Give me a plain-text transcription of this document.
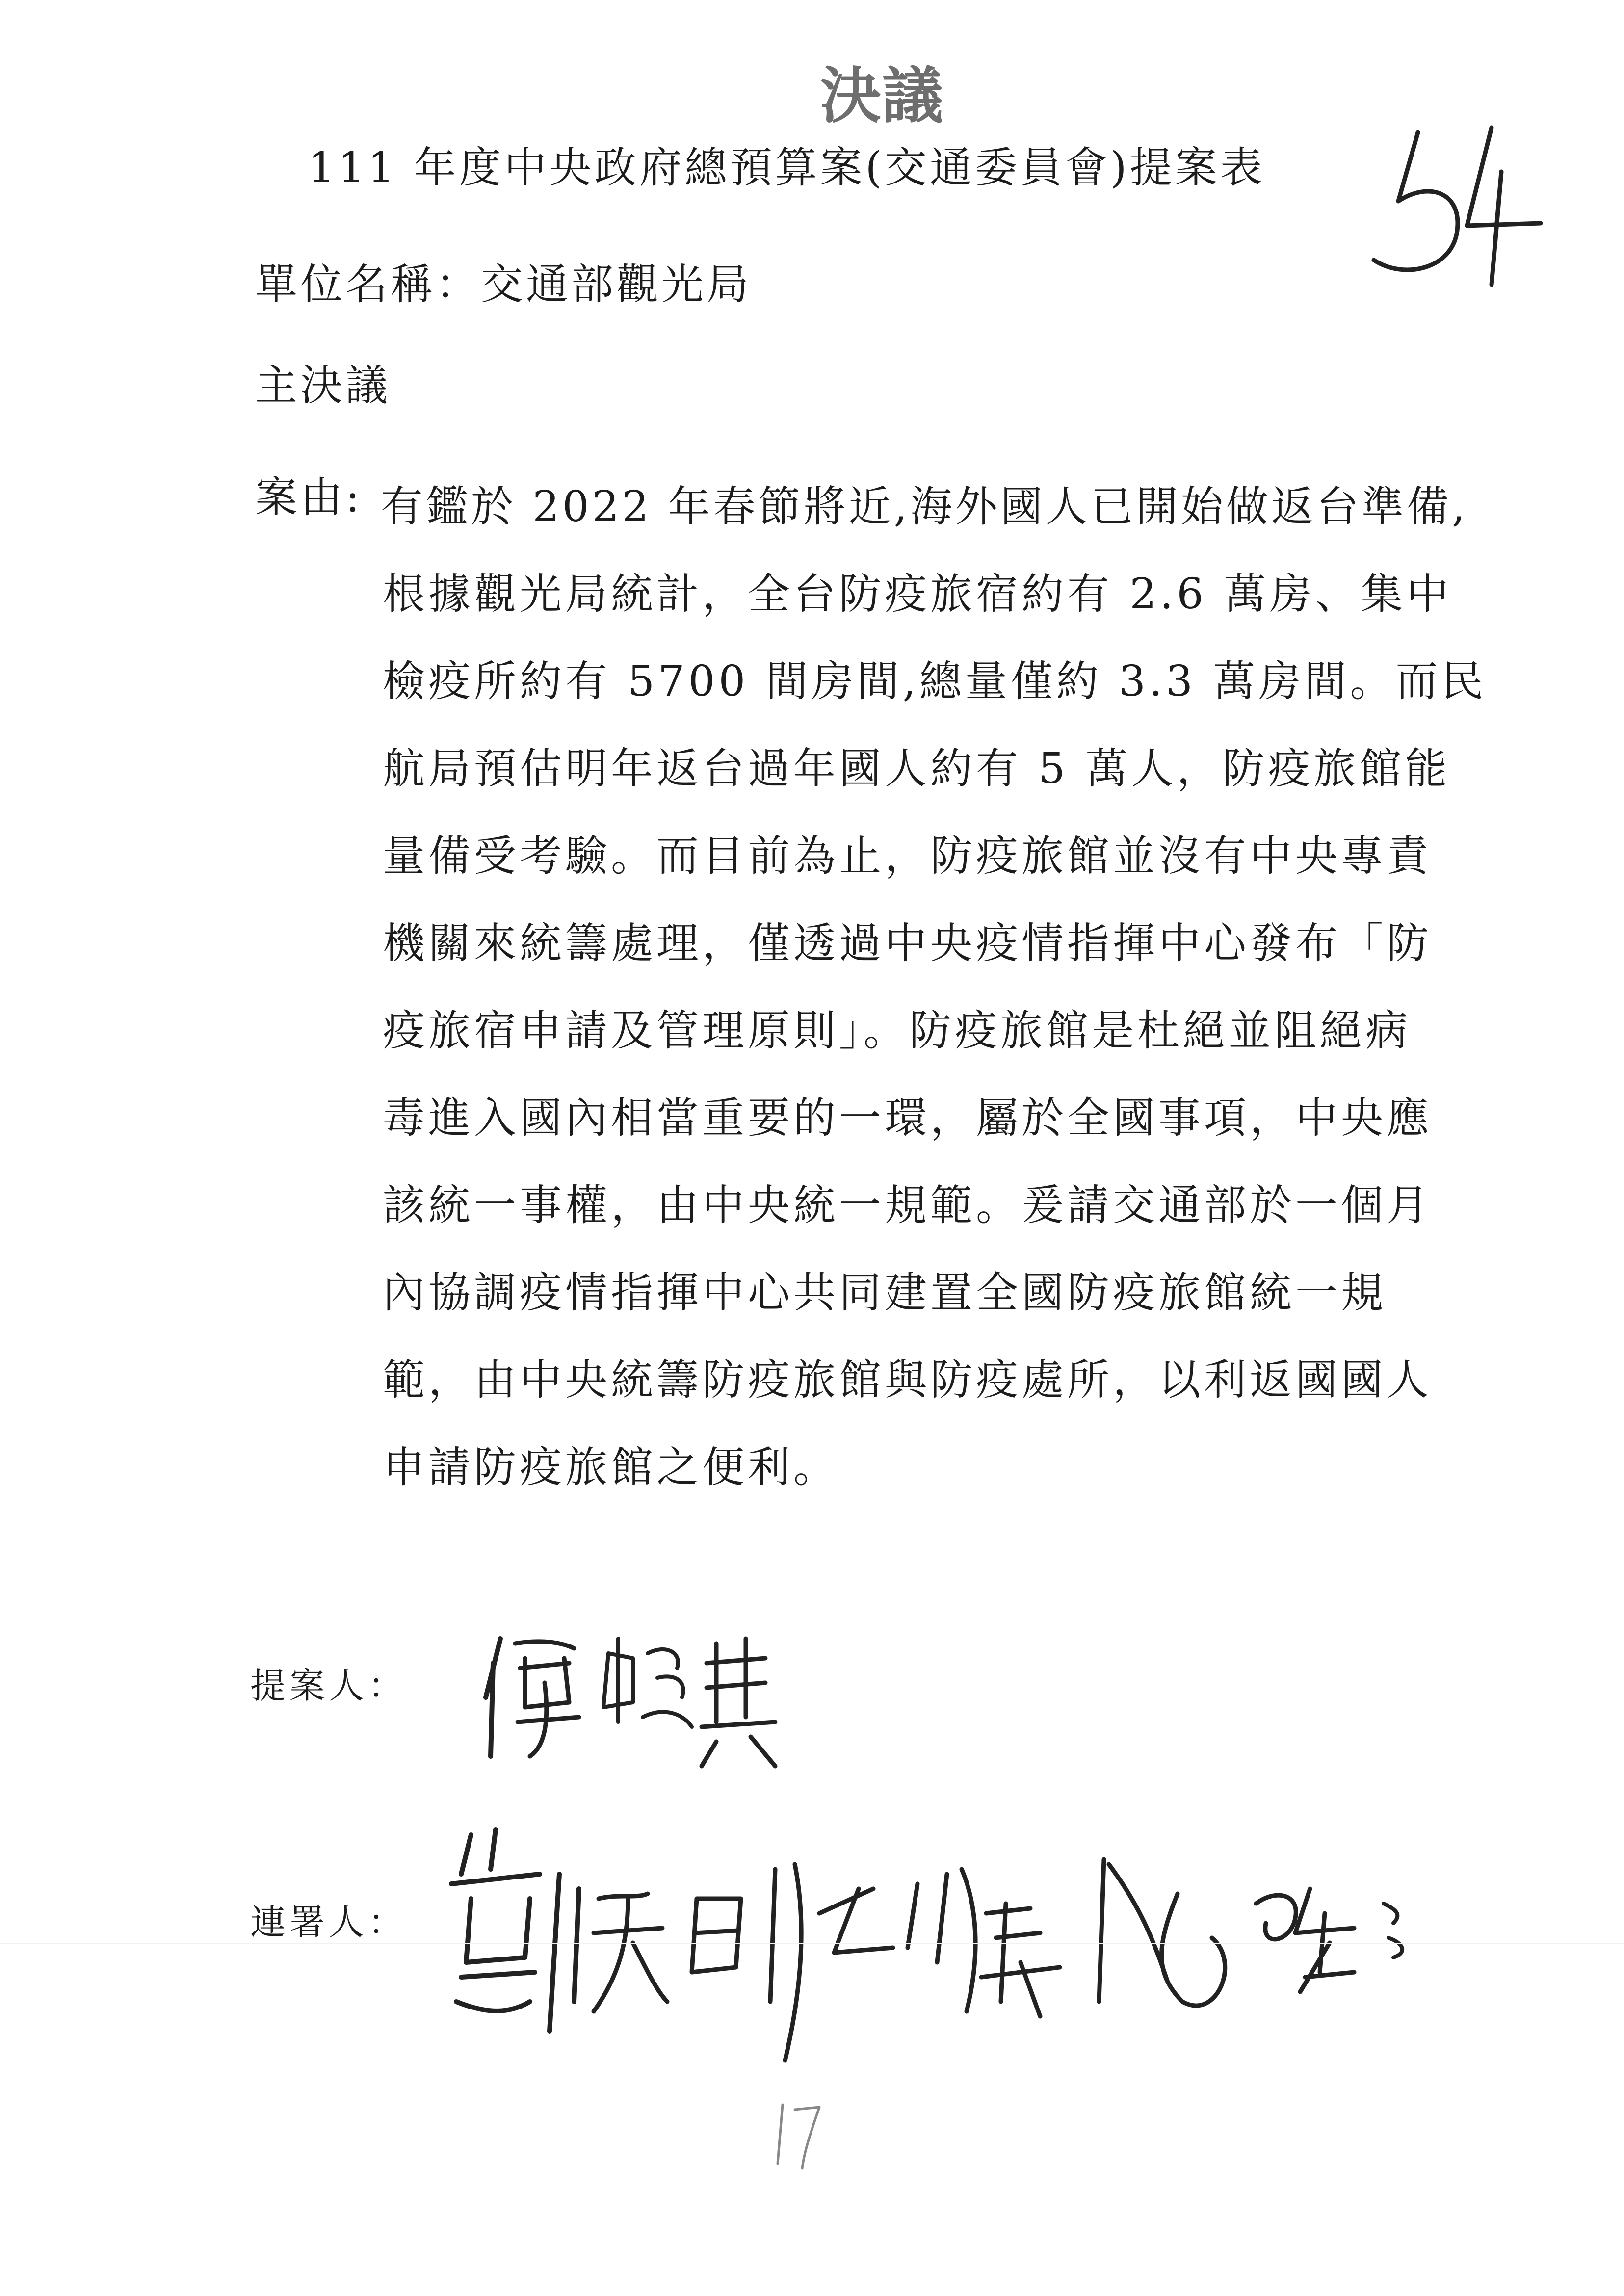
決議
111 年度中央政府總預算案(交通委員會)提案表
單位名稱：交通部觀光局
主決議
案由: 有鑑於 2022 年春節將近,海外國人已開始做返台準備,
根據觀光局統計，全台防疫旅宿約有 2.6 萬房、集中
檢疫所約有 5700 間房間,總量僅約 3.3 萬房間。而民
航局預估明年返台過年國人約有 5 萬人，防疫旅館能
量備受考驗。而目前為止，防疫旅館並沒有中央專責
機關來統籌處理，僅透過中央疫情指揮中心發布「防
疫旅宿申請及管理原則」。防疫旅館是杜絕並阻絕病
毒進入國內相當重要的一環，屬於全國事項，中央應
該統一事權，由中央統一規範。爰請交通部於一個月
內協調疫情指揮中心共同建置全國防疫旅館統一規
範，由中央統籌防疫旅館與防疫處所，以利返國國人
申請防疫旅館之便利。
提案人：
連署人：
